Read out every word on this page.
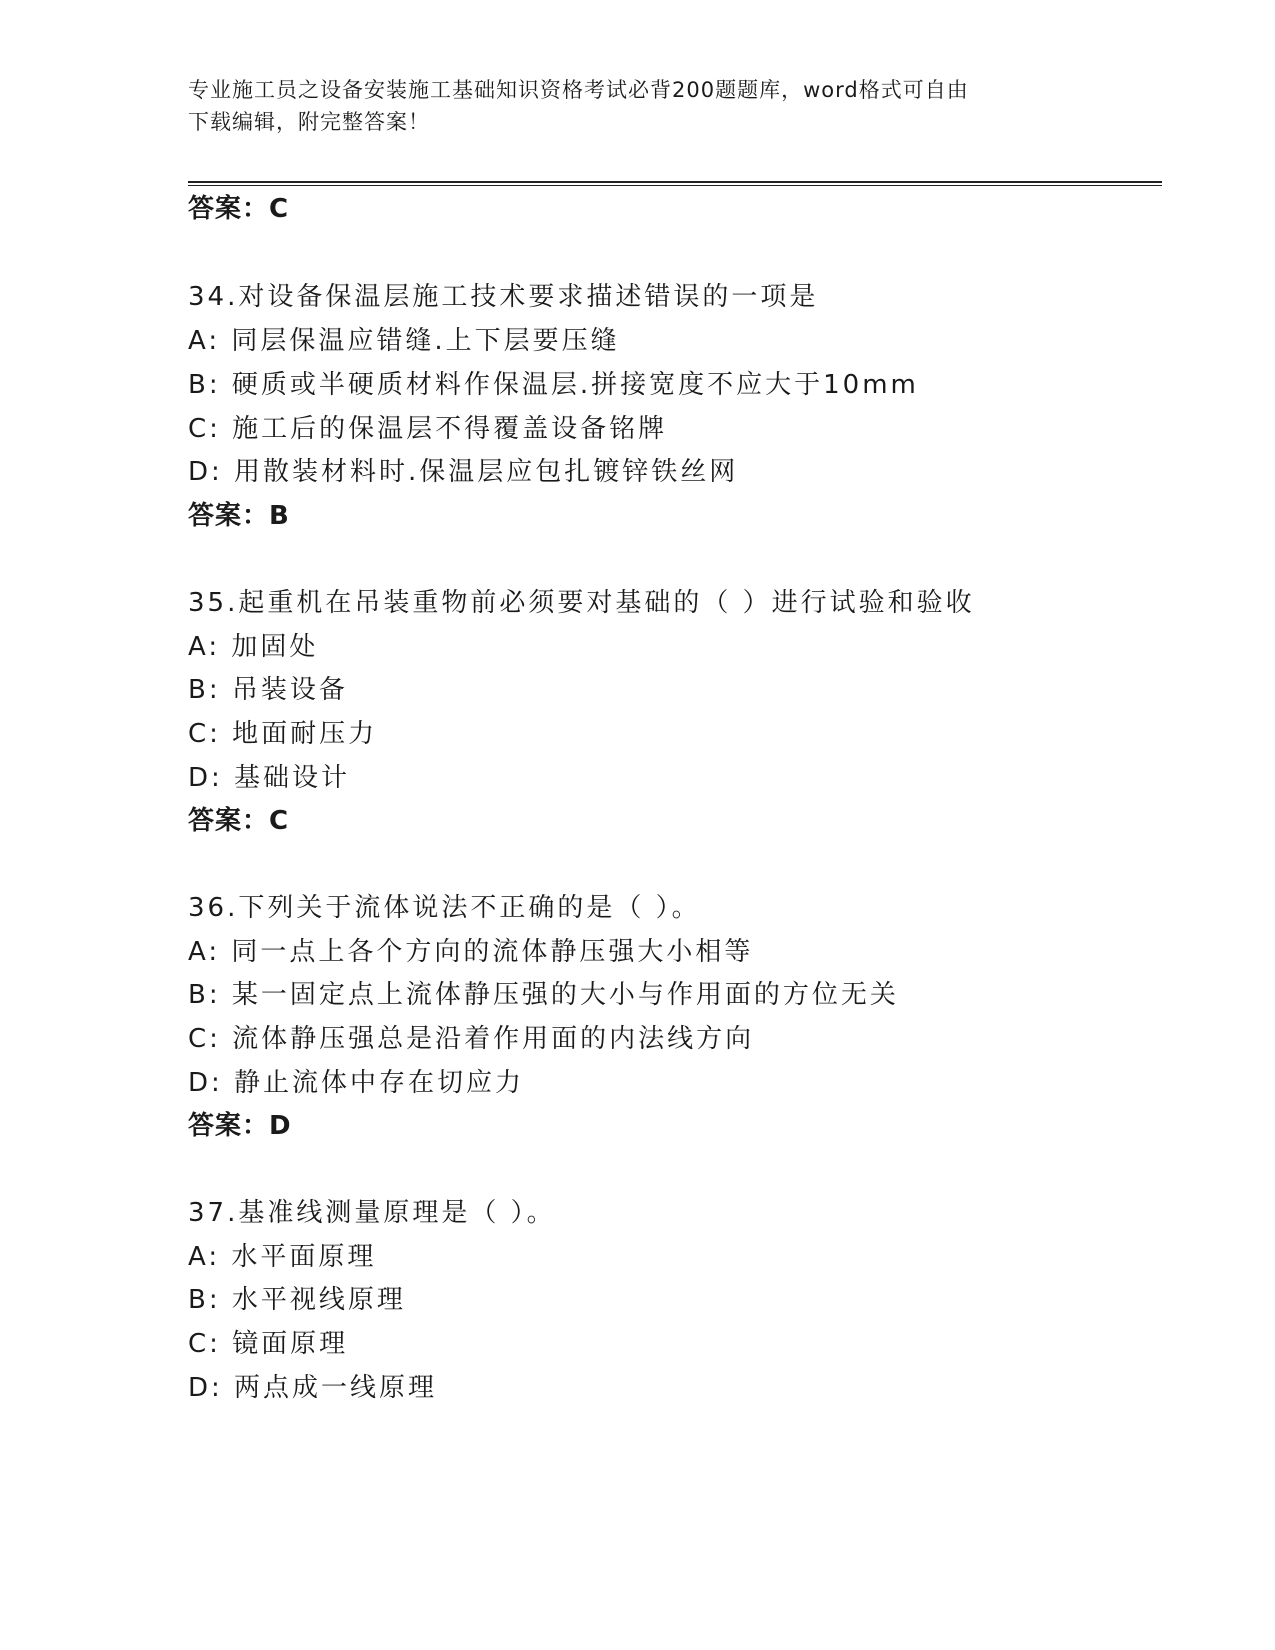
专业施工员之设备安装施工基础知识资格考试必背200题题库，word格式可自由
下载编辑，附完整答案！
答案：C
34.对设备保温层施工技术要求描述错误的一项是
A: 同层保温应错缝.上下层要压缝
B: 硬质或半硬质材料作保温层.拼接宽度不应大于10mm
C: 施工后的保温层不得覆盖设备铭牌
D: 用散装材料时.保温层应包扎镀锌铁丝网
答案：B
35.起重机在吊装重物前必须要对基础的（ ）进行试验和验收
A: 加固处
B: 吊装设备
C: 地面耐压力
D: 基础设计
答案：C
36.下列关于流体说法不正确的是（ ）。
A: 同一点上各个方向的流体静压强大小相等
B: 某一固定点上流体静压强的大小与作用面的方位无关
C: 流体静压强总是沿着作用面的内法线方向
D: 静止流体中存在切应力
答案：D
37.基准线测量原理是（ ）。
A: 水平面原理
B: 水平视线原理
C: 镜面原理
D: 两点成一线原理
